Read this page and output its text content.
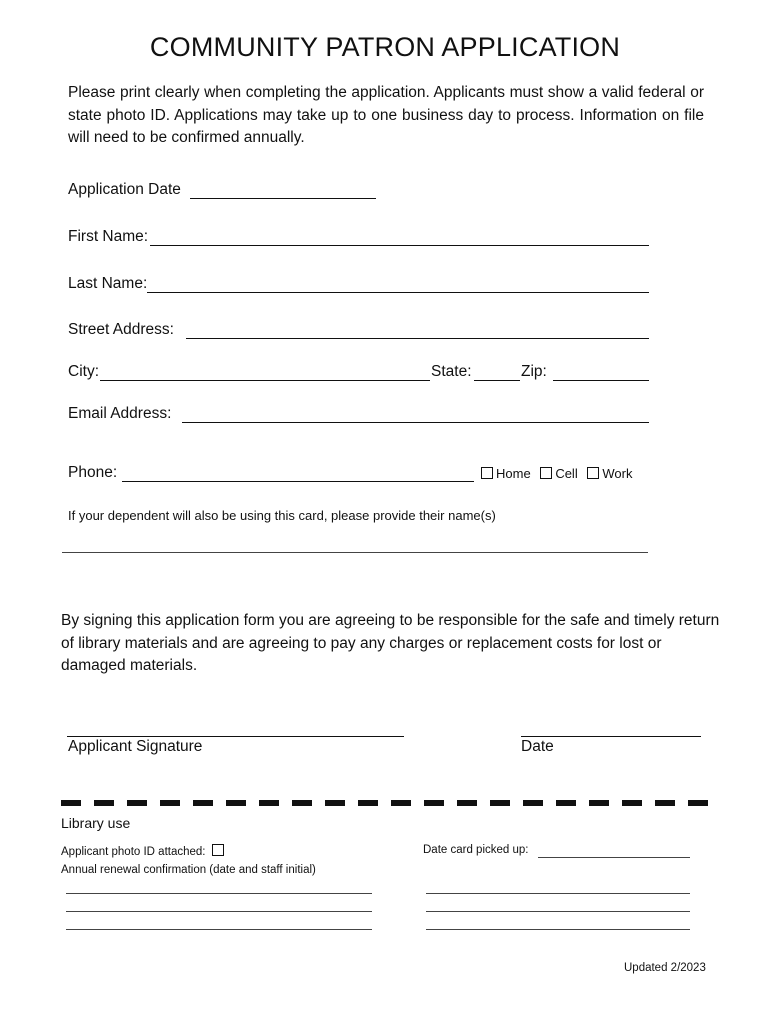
COMMUNITY PATRON APPLICATION
Please print clearly when completing the application. Applicants must show a valid federal or state photo ID. Applications may take up to one business day to process. Information on file will need to be confirmed annually.
Application Date
First Name:
Last Name:
Street Address:
City:	State:	Zip:
Email Address:
Phone:	Home Cell Work
If your dependent will also be using this card, please provide their name(s)
By signing this application form you are agreeing to be responsible for the safe and timely return of library materials and are agreeing to pay any charges or replacement costs for lost or damaged materials.
Applicant Signature	Date
Library use
Applicant photo ID attached:	Date card picked up:
Annual renewal confirmation (date and staff initial)
Updated 2/2023
